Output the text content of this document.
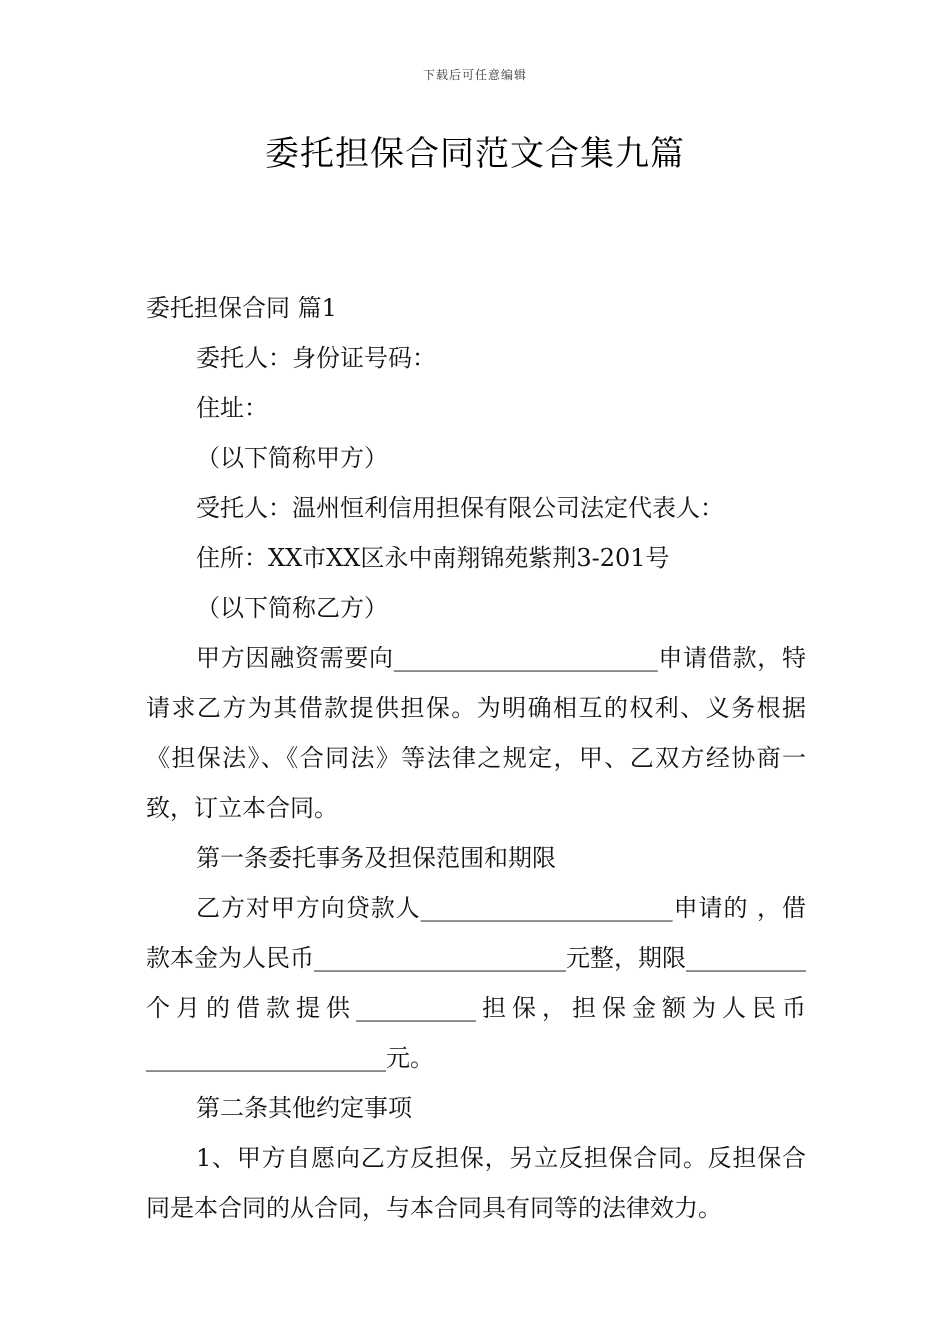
下载后可任意编辑
委托担保合同范文合集九篇
委托担保合同 篇1
委托人：身份证号码：
住址：
（以下简称甲方）
受托人：温州恒利信用担保有限公司法定代表人：
住所：XX市XX区永中南翔锦苑紫荆3-201号
（以下简称乙方）
甲方因融资需要向______________________申请借款，特请求乙方为其借款提供担保。为明确相互的权利、义务根据《担保法》、《合同法》等法律之规定，甲、乙双方经协商一致，订立本合同。
第一条委托事务及担保范围和期限
乙方对甲方向贷款人_____________________申请的 ，借款本金为人民币_____________________元整，期限__________个月的借款提供__________担保，担保金额为人民币____________________元。
第二条其他约定事项
1、甲方自愿向乙方反担保，另立反担保合同。反担保合同是本合同的从合同，与本合同具有同等的法律效力。
